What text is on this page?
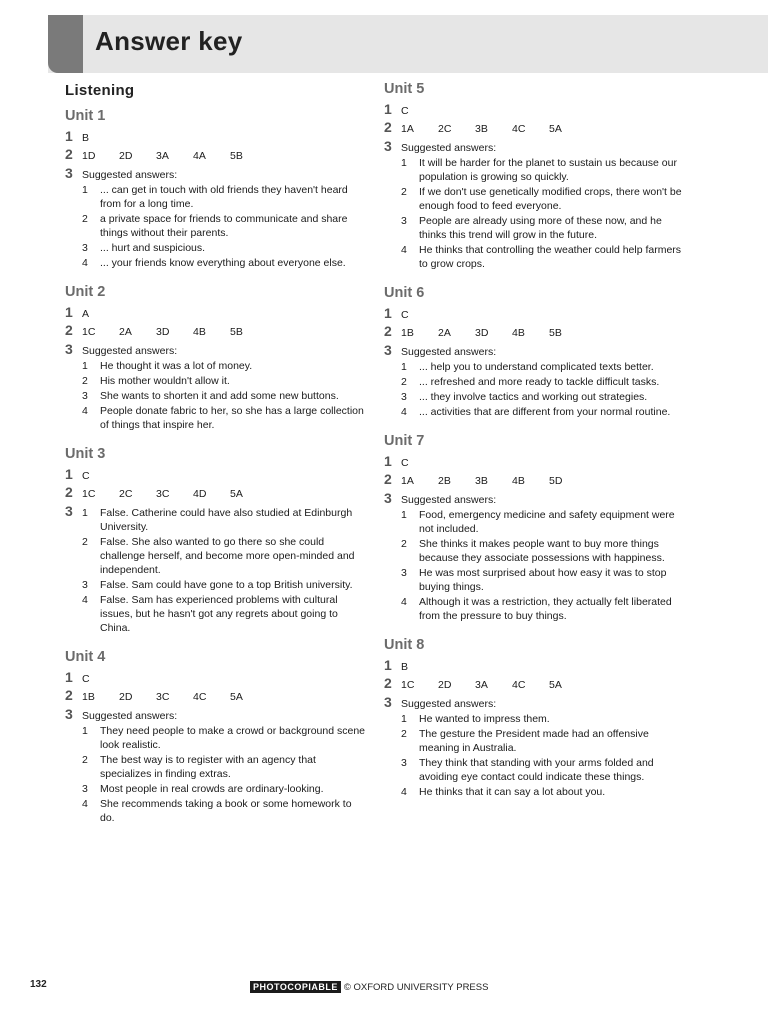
Answer key
Listening
Unit 1
1 B
2 1D 2D 3A 4A 5B
3 Suggested answers:
1	... can get in touch with old friends they haven't heard from for a long time.
2	a private space for friends to communicate and share things without their parents.
3	... hurt and suspicious.
4	... your friends know everything about everyone else.
Unit 2
1 A
2 1C 2A 3D 4B 5B
3 Suggested answers:
1	He thought it was a lot of money.
2	His mother wouldn't allow it.
3	She wants to shorten it and add some new buttons.
4	People donate fabric to her, so she has a large collection of things that inspire her.
Unit 3
1 C
2 1C 2C 3C 4D 5A
3 1	False. Catherine could have also studied at Edinburgh University.
2	False. She also wanted to go there so she could challenge herself, and become more open-minded and independent.
3	False. Sam could have gone to a top British university.
4	False. Sam has experienced problems with cultural issues, but he hasn't got any regrets about going to China.
Unit 4
1 C
2 1B 2D 3C 4C 5A
3 Suggested answers:
1	They need people to make a crowd or background scene look realistic.
2	The best way is to register with an agency that specializes in finding extras.
3	Most people in real crowds are ordinary-looking.
4	She recommends taking a book or some homework to do.
Unit 5
1 C
2 1A 2C 3B 4C 5A
3 Suggested answers:
1	It will be harder for the planet to sustain us because our population is growing so quickly.
2	If we don't use genetically modified crops, there won't be enough food to feed everyone.
3	People are already using more of these now, and he thinks this trend will grow in the future.
4	He thinks that controlling the weather could help farmers to grow crops.
Unit 6
1 C
2 1B 2A 3D 4B 5B
3 Suggested answers:
1	... help you to understand complicated texts better.
2	... refreshed and more ready to tackle difficult tasks.
3	... they involve tactics and working out strategies.
4	... activities that are different from your normal routine.
Unit 7
1 C
2 1A 2B 3B 4B 5D
3 Suggested answers:
1	Food, emergency medicine and safety equipment were not included.
2	She thinks it makes people want to buy more things because they associate possessions with happiness.
3	He was most surprised about how easy it was to stop buying things.
4	Although it was a restriction, they actually felt liberated from the pressure to buy things.
Unit 8
1 B
2 1C 2D 3A 4C 5A
3 Suggested answers:
1	He wanted to impress them.
2	The gesture the President made had an offensive meaning in Australia.
3	They think that standing with your arms folded and avoiding eye contact could indicate these things.
4	He thinks that it can say a lot about you.
132	PHOTOCOPIABLE © OXFORD UNIVERSITY PRESS
